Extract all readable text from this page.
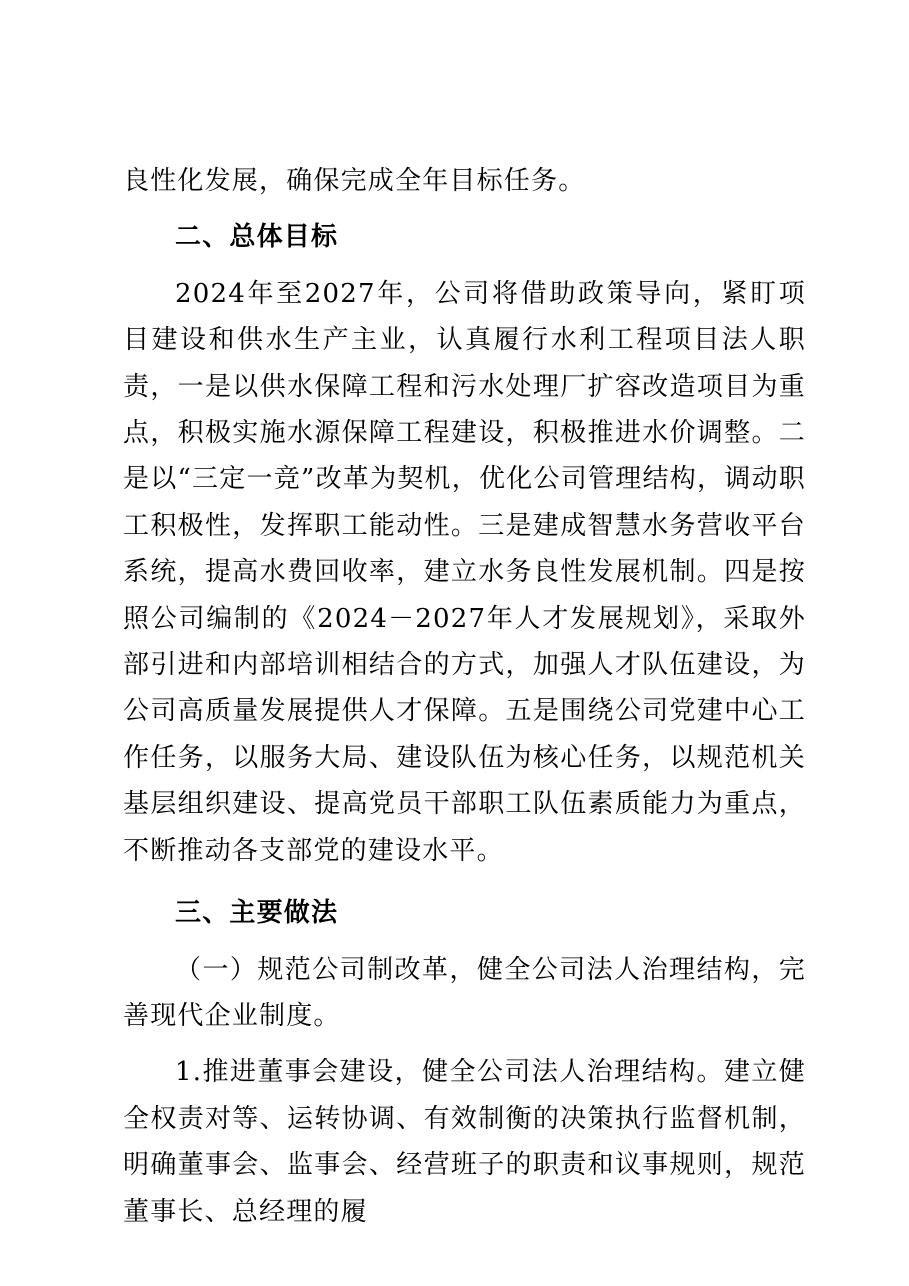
良性化发展，确保完成全年目标任务。

二、总体目标

2024年至2027年，公司将借助政策导向，紧盯项目建设和供水生产主业，认真履行水利工程项目法人职责，一是以供水保障工程和污水处理厂扩容改造项目为重点，积极实施水源保障工程建设，积极推进水价调整。二是以“三定一竞”改革为契机，优化公司管理结构，调动职工积极性，发挥职工能动性。三是建成智慧水务营收平台系统，提高水费回收率，建立水务良性发展机制。四是按照公司编制的《2024－2027年人才发展规划》，采取外部引进和内部培训相结合的方式，加强人才队伍建设，为公司高质量发展提供人才保障。五是围绕公司党建中心工作任务，以服务大局、建设队伍为核心任务，以规范机关基层组织建设、提高党员干部职工队伍素质能力为重点，不断推动各支部党的建设水平。

三、主要做法

（一）规范公司制改革，健全公司法人治理结构，完善现代企业制度。

1.推进董事会建设，健全公司法人治理结构。建立健全权责对等、运转协调、有效制衡的决策执行监督机制，明确董事会、监事会、经营班子的职责和议事规则，规范董事长、总经理的履
